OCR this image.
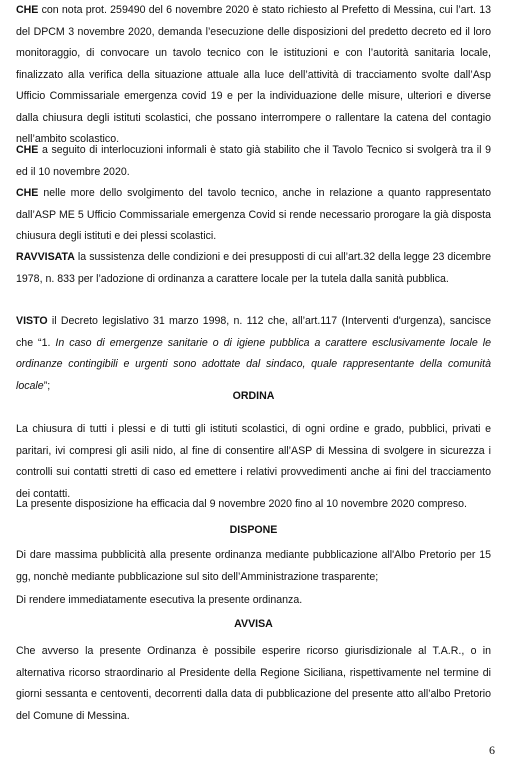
CHE con nota prot. 259490 del 6 novembre 2020 è stato richiesto al Prefetto di Messina, cui l’art. 13 del DPCM 3 novembre 2020, demanda l’esecuzione delle disposizioni del predetto decreto ed il loro monitoraggio, di convocare un tavolo tecnico con le istituzioni e con l’autorità sanitaria locale, finalizzato alla verifica della situazione attuale alla luce dell’attività di tracciamento svolte dall’Asp Ufficio Commissariale emergenza covid 19 e per la individuazione delle misure, ulteriori e diverse dalla chiusura degli istituti scolastici, che possano interrompere o rallentare la catena del contagio nell’ambito scolastico.

CHE a seguito di interlocuzioni informali è stato già stabilito che il Tavolo Tecnico si svolgerà tra il 9 ed il 10 novembre 2020.

CHE nelle more dello svolgimento del tavolo tecnico, anche in relazione a quanto rappresentato dall’ASP ME 5 Ufficio Commissariale emergenza Covid si rende necessario prorogare la già disposta chiusura degli istituti e dei plessi scolastici.

RAVVISATA la sussistenza delle condizioni e dei presupposti di cui all’art.32 della legge 23 dicembre 1978, n. 833 per l’adozione di ordinanza a carattere locale per la tutela dalla sanità pubblica.

VISTO il Decreto legislativo 31 marzo 1998, n. 112 che, all’art.117 (Interventi d'urgenza), sancisce che “1. In caso di emergenze sanitarie o di igiene pubblica a carattere esclusivamente locale le ordinanze contingibili e urgenti sono adottate dal sindaco, quale rappresentante della comunità locale”;

ORDINA

La chiusura di tutti i plessi e di tutti gli istituti scolastici, di ogni ordine e grado, pubblici, privati e paritari, ivi compresi gli asili nido, al fine di consentire all’ASP di Messina di svolgere in sicurezza i controlli sui contatti stretti di caso ed emettere i relativi provvedimenti anche ai fini del tracciamento dei contatti.

La presente disposizione ha efficacia dal 9 novembre 2020 fino al 10 novembre 2020 compreso.

DISPONE

Di dare massima pubblicità alla presente ordinanza mediante pubblicazione all'Albo Pretorio per 15 gg, nonchè mediante pubblicazione sul sito dell’Amministrazione trasparente;

Di rendere immediatamente esecutiva la presente ordinanza.

AVVISA

Che avverso la presente Ordinanza è possibile esperire ricorso giurisdizionale al T.A.R., o in alternativa ricorso straordinario al Presidente della Regione Siciliana, rispettivamente nel termine di giorni sessanta e centoventi, decorrenti dalla data di pubblicazione del presente atto all’albo Pretorio del Comune di Messina.

6
